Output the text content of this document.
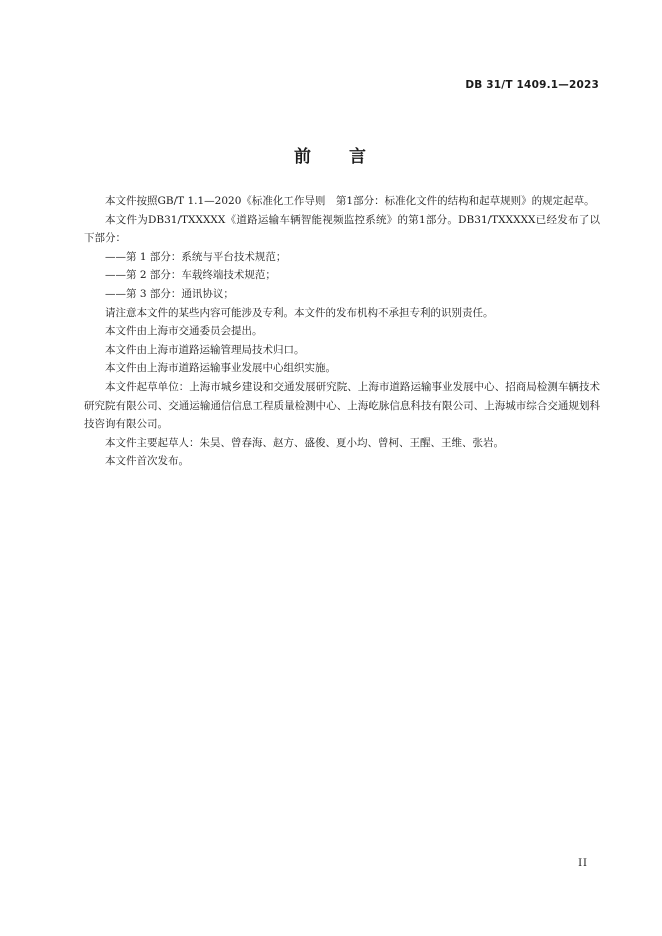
DB 31/T 1409.1—2023
前 言

本文件按照GB/T 1.1—2020《标准化工作导则　第1部分：标准化文件的结构和起草规则》的规定起草。

本文件为DB31/TXXXXX《道路运输车辆智能视频监控系统》的第1部分。DB31/TXXXXX已经发布了以下部分：

——第 1 部分：系统与平台技术规范；

——第 2 部分：车载终端技术规范；

——第 3 部分：通讯协议；

请注意本文件的某些内容可能涉及专利。本文件的发布机构不承担专利的识别责任。

本文件由上海市交通委员会提出。

本文件由上海市道路运输管理局技术归口。

本文件由上海市道路运输事业发展中心组织实施。

本文件起草单位：上海市城乡建设和交通发展研究院、上海市道路运输事业发展中心、招商局检测车辆技术研究院有限公司、交通运输通信信息工程质量检测中心、上海屹脉信息科技有限公司、上海城市综合交通规划科技咨询有限公司。

本文件主要起草人：朱昊、曾春海、赵方、盛俊、夏小均、曾柯、王醒、王维、张岩。

本文件首次发布。

II
